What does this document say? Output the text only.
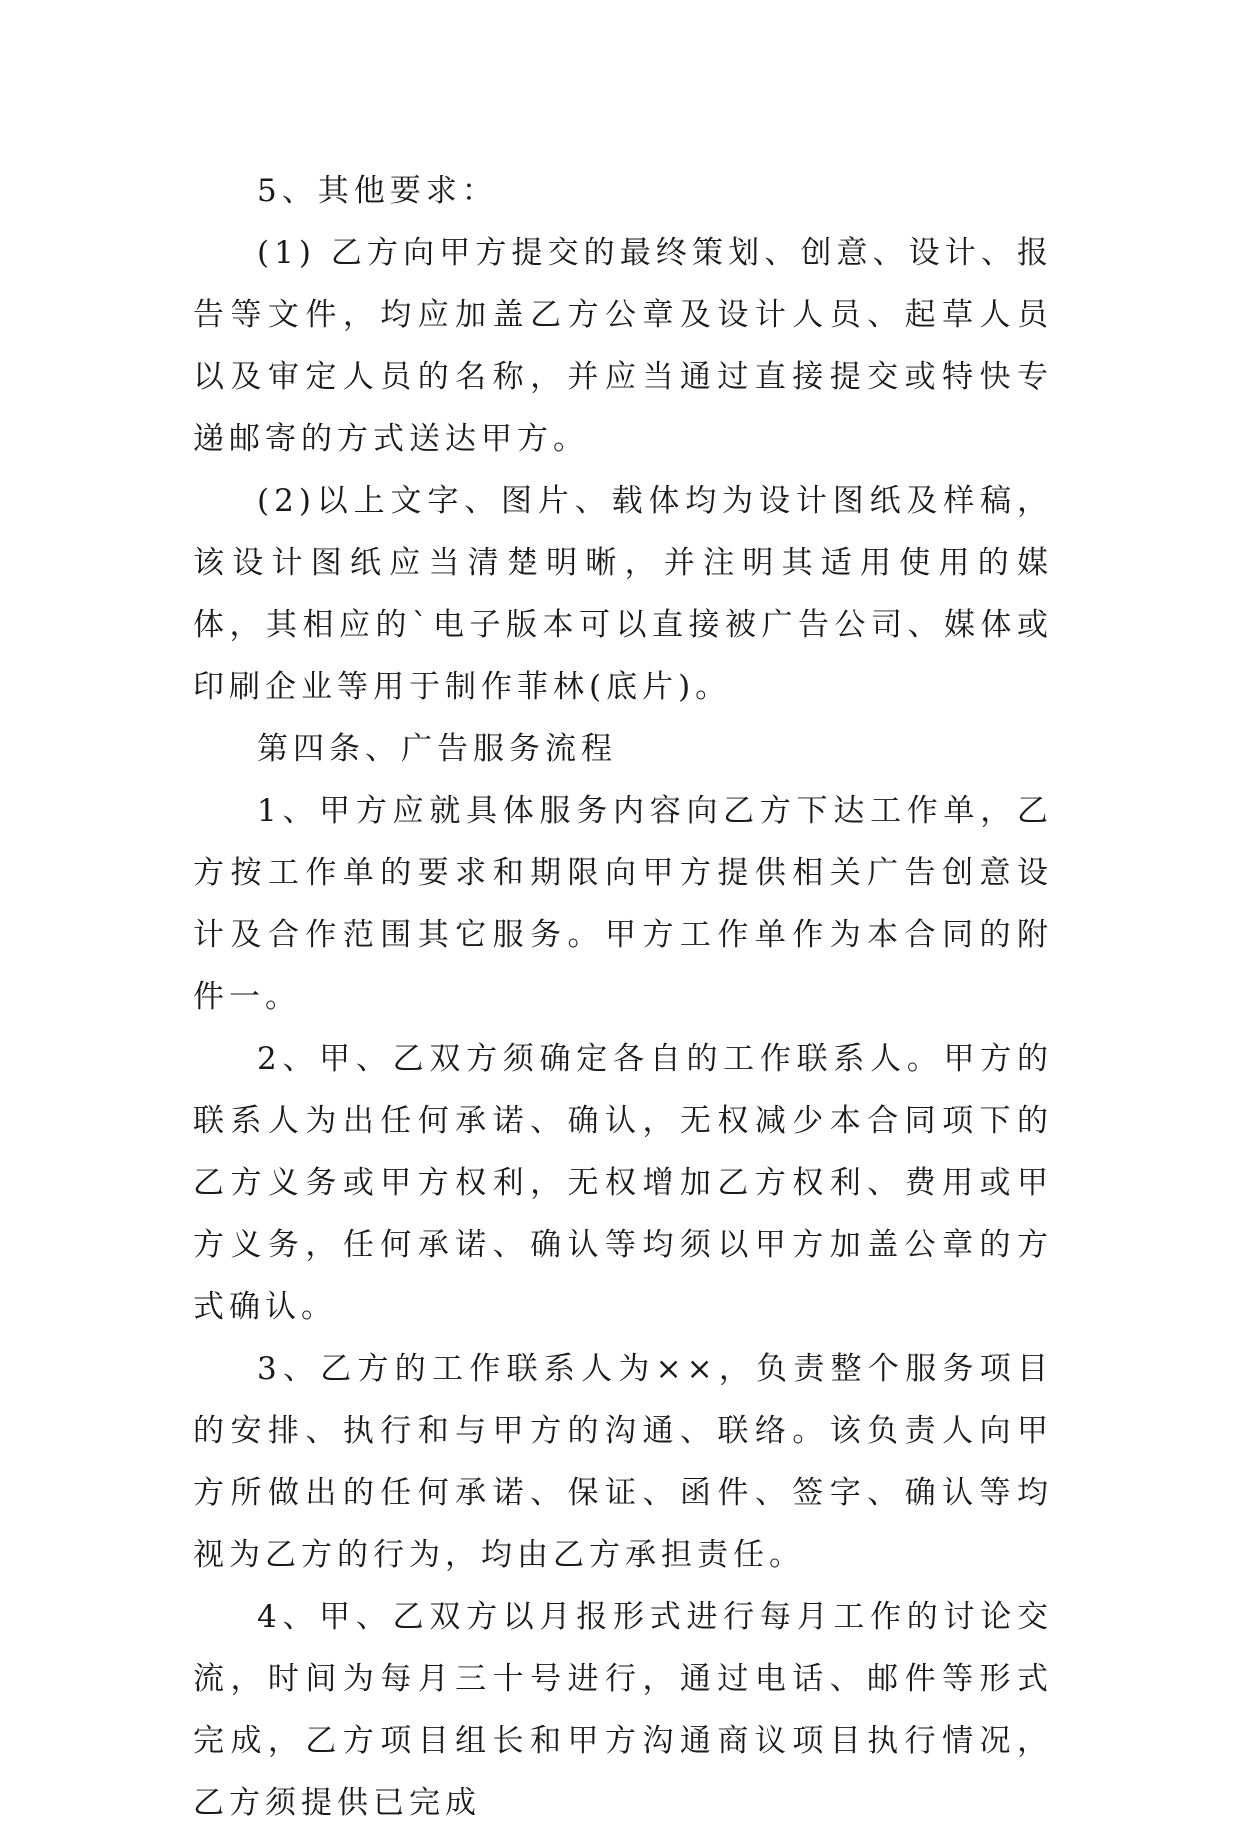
5、其他要求：

(1) 乙方向甲方提交的最终策划、创意、设计、报告等文件，均应加盖乙方公章及设计人员、起草人员以及审定人员的名称，并应当通过直接提交或特快专递邮寄的方式送达甲方。

(2)以上文字、图片、载体均为设计图纸及样稿，该设计图纸应当清楚明晰，并注明其适用使用的媒体，其相应的`电子版本可以直接被广告公司、媒体或印刷企业等用于制作菲林(底片)。

第四条、广告服务流程

1、甲方应就具体服务内容向乙方下达工作单，乙方按工作单的要求和期限向甲方提供相关广告创意设计及合作范围其它服务。甲方工作单作为本合同的附件一。

2、甲、乙双方须确定各自的工作联系人。甲方的联系人为出任何承诺、确认，无权减少本合同项下的乙方义务或甲方权利，无权增加乙方权利、费用或甲方义务，任何承诺、确认等均须以甲方加盖公章的方式确认。

3、乙方的工作联系人为××，负责整个服务项目的安排、执行和与甲方的沟通、联络。该负责人向甲方所做出的任何承诺、保证、函件、签字、确认等均视为乙方的行为，均由乙方承担责任。

4、甲、乙双方以月报形式进行每月工作的讨论交流，时间为每月三十号进行，通过电话、邮件等形式完成，乙方项目组长和甲方沟通商议项目执行情况，乙方须提供已完成
